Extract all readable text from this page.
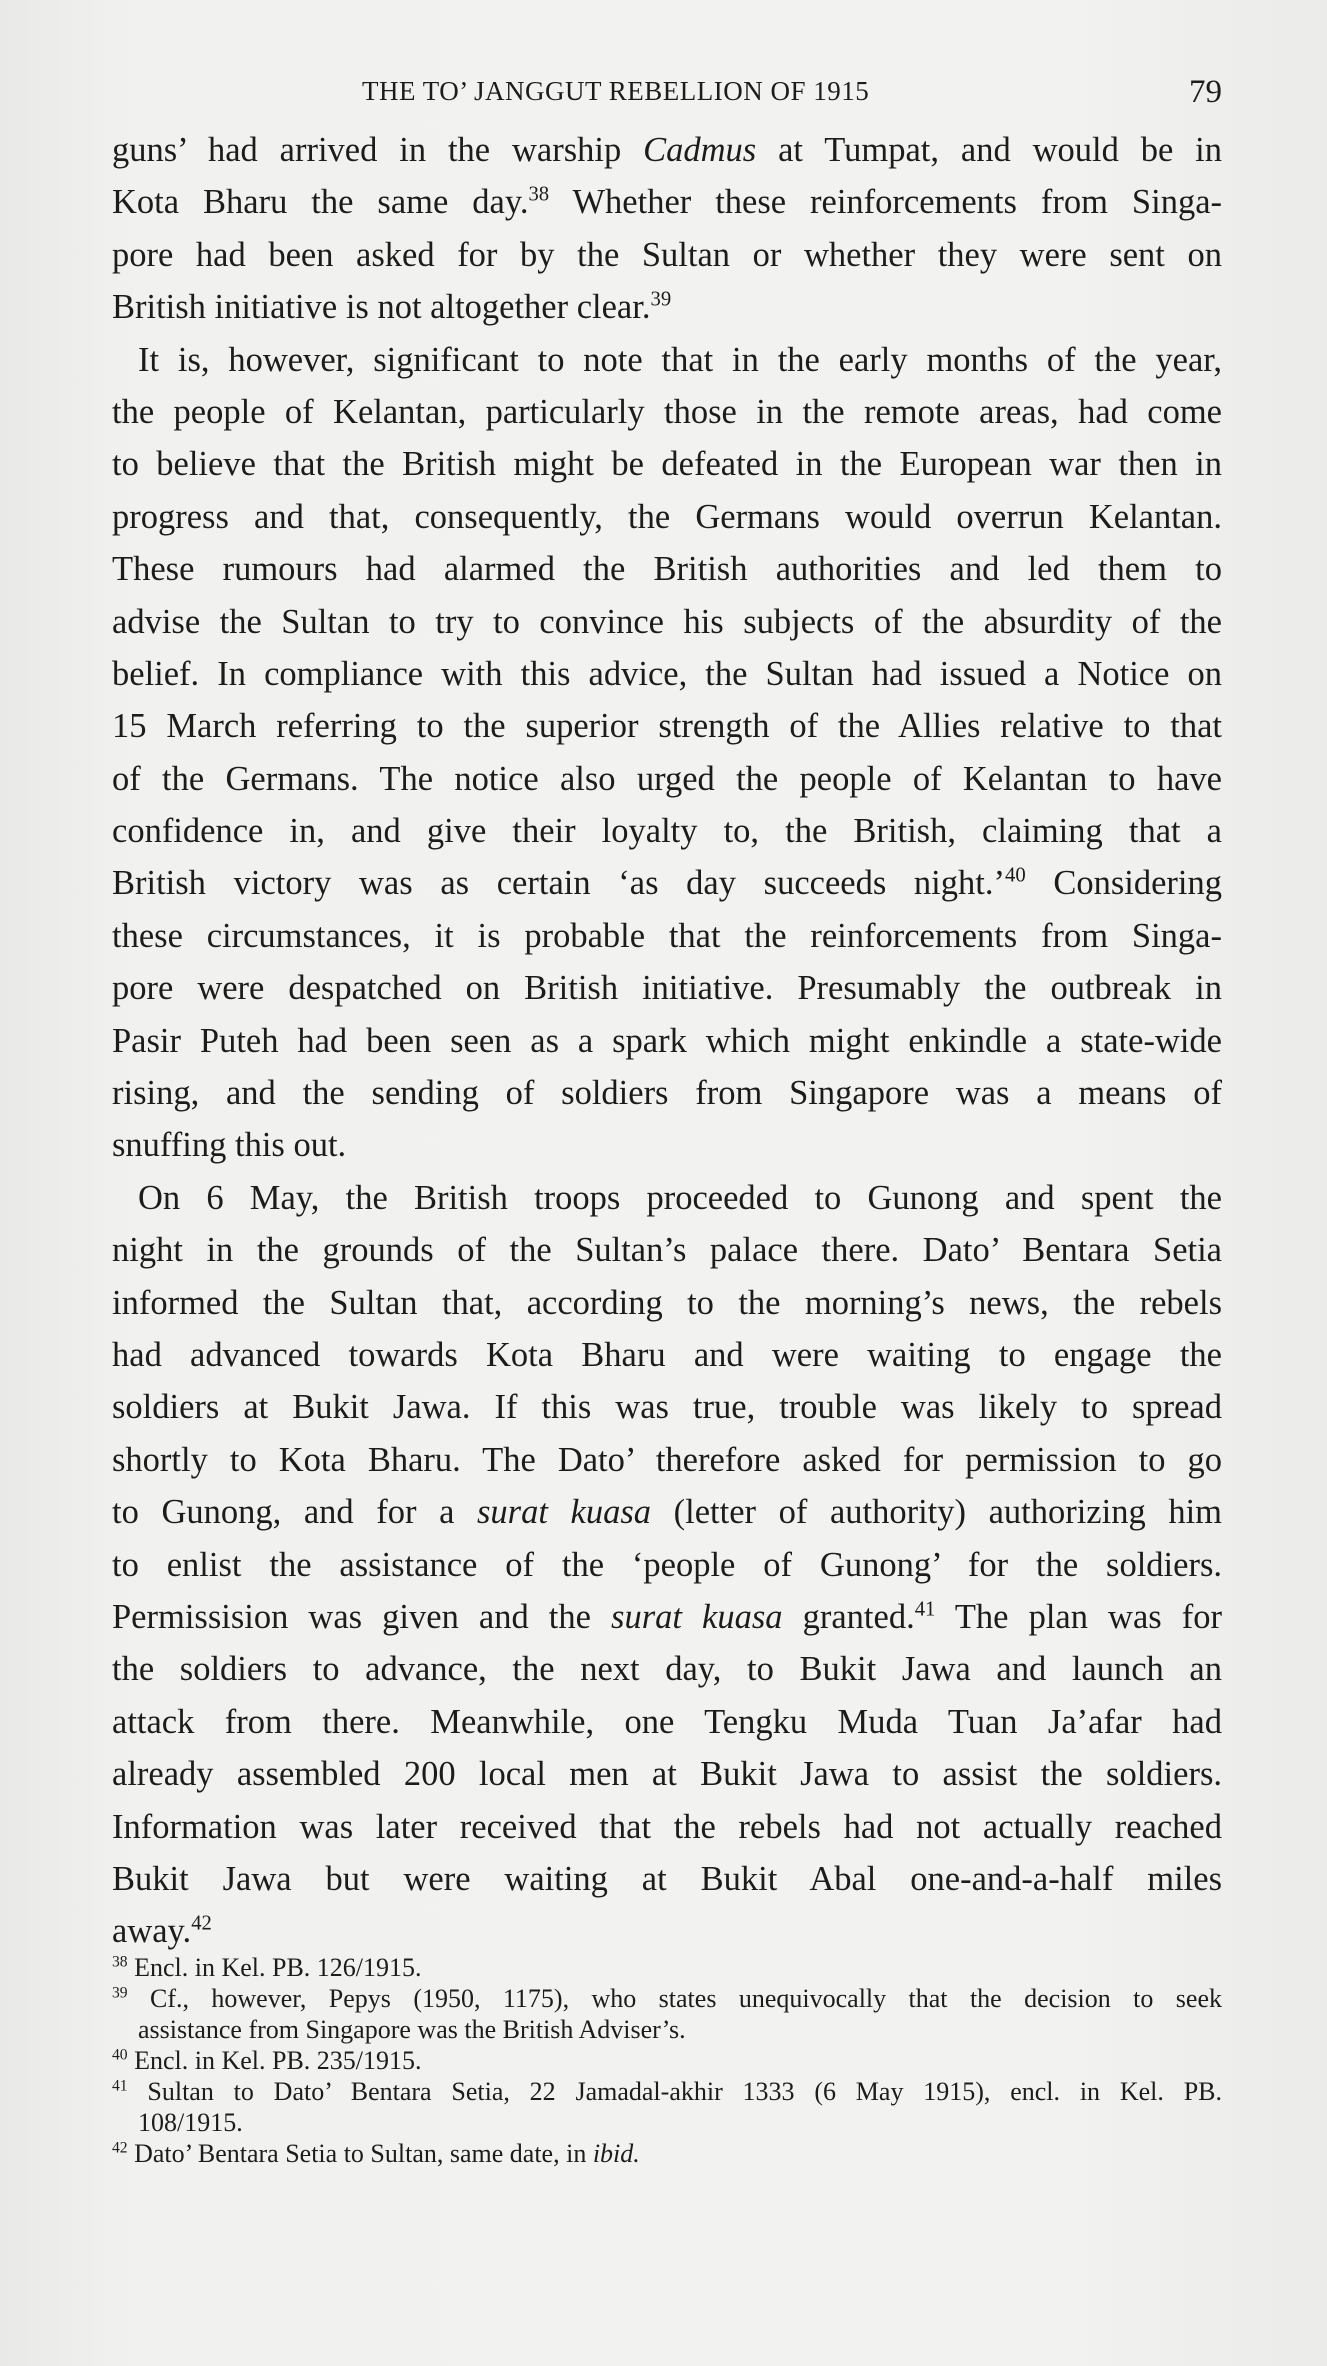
THE TO’ JANGGUT REBELLION OF 1915	79
guns’ had arrived in the warship Cadmus at Tumpat, and would be in
Kota Bharu the same day.$^{38}$ Whether these reinforcements from Singa-
pore had been asked for by the Sultan or whether they were sent on
British initiative is not altogether clear.$^{39}$
It is, however, significant to note that in the early months of the year,
the people of Kelantan, particularly those in the remote areas, had come
to believe that the British might be defeated in the European war then in
progress and that, consequently, the Germans would overrun Kelantan.
These rumours had alarmed the British authorities and led them to
advise the Sultan to try to convince his subjects of the absurdity of the
belief. In compliance with this advice, the Sultan had issued a Notice on
15 March referring to the superior strength of the Allies relative to that
of the Germans. The notice also urged the people of Kelantan to have
confidence in, and give their loyalty to, the British, claiming that a
British victory was as certain ‘as day succeeds night.’$^{40}$ Considering
these circumstances, it is probable that the reinforcements from Singa-
pore were despatched on British initiative. Presumably the outbreak in
Pasir Puteh had been seen as a spark which might enkindle a state-wide
rising, and the sending of soldiers from Singapore was a means of
snuffing this out.
On 6 May, the British troops proceeded to Gunong and spent the
night in the grounds of the Sultan’s palace there. Dato’ Bentara Setia
informed the Sultan that, according to the morning’s news, the rebels
had advanced towards Kota Bharu and were waiting to engage the
soldiers at Bukit Jawa. If this was true, trouble was likely to spread
shortly to Kota Bharu. The Dato’ therefore asked for permission to go
to Gunong, and for a surat kuasa (letter of authority) authorizing him
to enlist the assistance of the ‘people of Gunong’ for the soldiers.
Permissision was given and the surat kuasa granted.$^{41}$ The plan was for
the soldiers to advance, the next day, to Bukit Jawa and launch an
attack from there. Meanwhile, one Tengku Muda Tuan Ja’afar had
already assembled 200 local men at Bukit Jawa to assist the soldiers.
Information was later received that the rebels had not actually reached
Bukit Jawa but were waiting at Bukit Abal one-and-a-half miles
away.$^{42}$
$^{38}$ Encl. in Kel. PB. 126/1915.
$^{39}$ Cf., however, Pepys (1950, 1175), who states unequivocally that the decision to seek
assistance from Singapore was the British Adviser’s.
$^{40}$ Encl. in Kel. PB. 235/1915.
$^{41}$ Sultan to Dato’ Bentara Setia, 22 Jamadal-akhir 1333 (6 May 1915), encl. in Kel. PB.
108/1915.
$^{42}$ Dato’ Bentara Setia to Sultan, same date, in ibid.
